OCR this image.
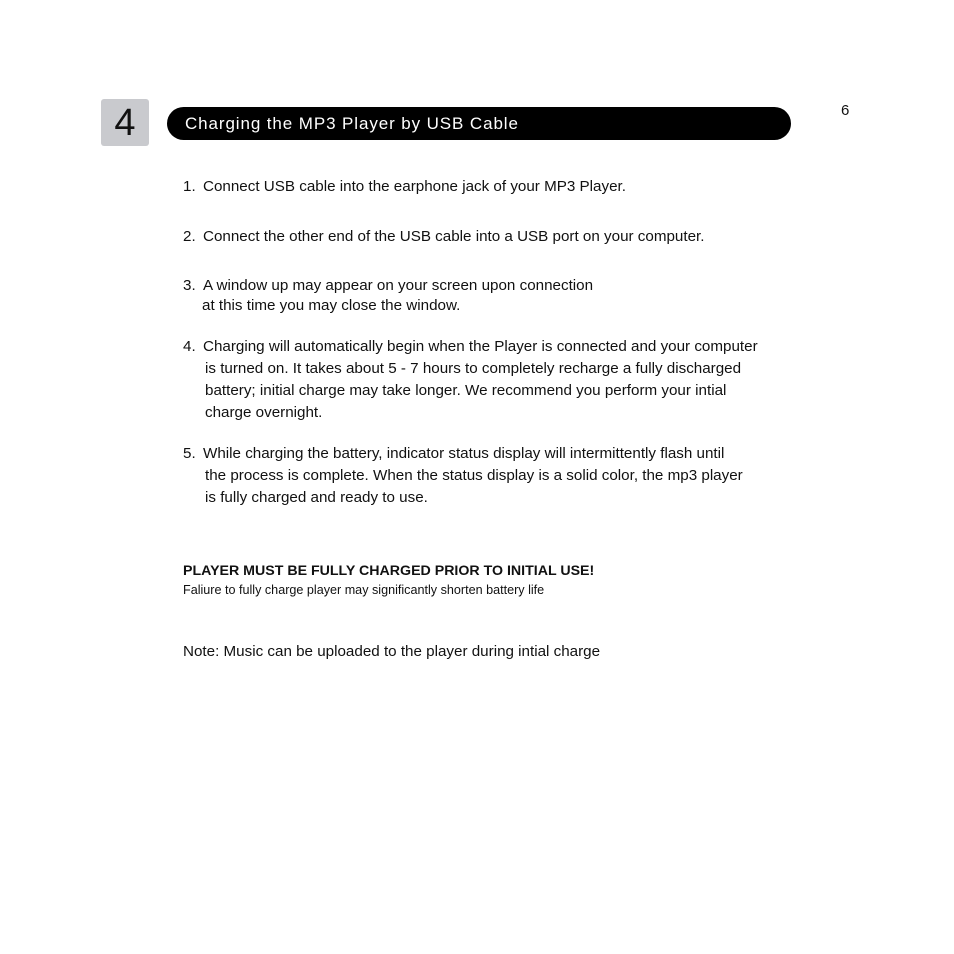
4	Charging the MP3 Player by USB Cable
6
1. Connect USB cable into the earphone jack of your MP3 Player.
2. Connect the other end of the USB cable into a USB port on your computer.
3. A window up may appear on your screen upon connection
at this time you may close the window.
4. Charging will automatically begin when the Player is connected and your computer
is turned on. It takes about 5 - 7 hours to completely recharge a fully discharged
battery; initial charge may take longer. We recommend you perform your intial
charge overnight.
5. While charging the battery, indicator status display will intermittently flash until
the process is complete. When the status display is a solid color, the mp3 player
is fully charged and ready to use.
PLAYER MUST BE FULLY CHARGED PRIOR TO INITIAL USE!
Faliure to fully charge player may significantly shorten battery life
Note: Music can be uploaded to the player during intial charge
